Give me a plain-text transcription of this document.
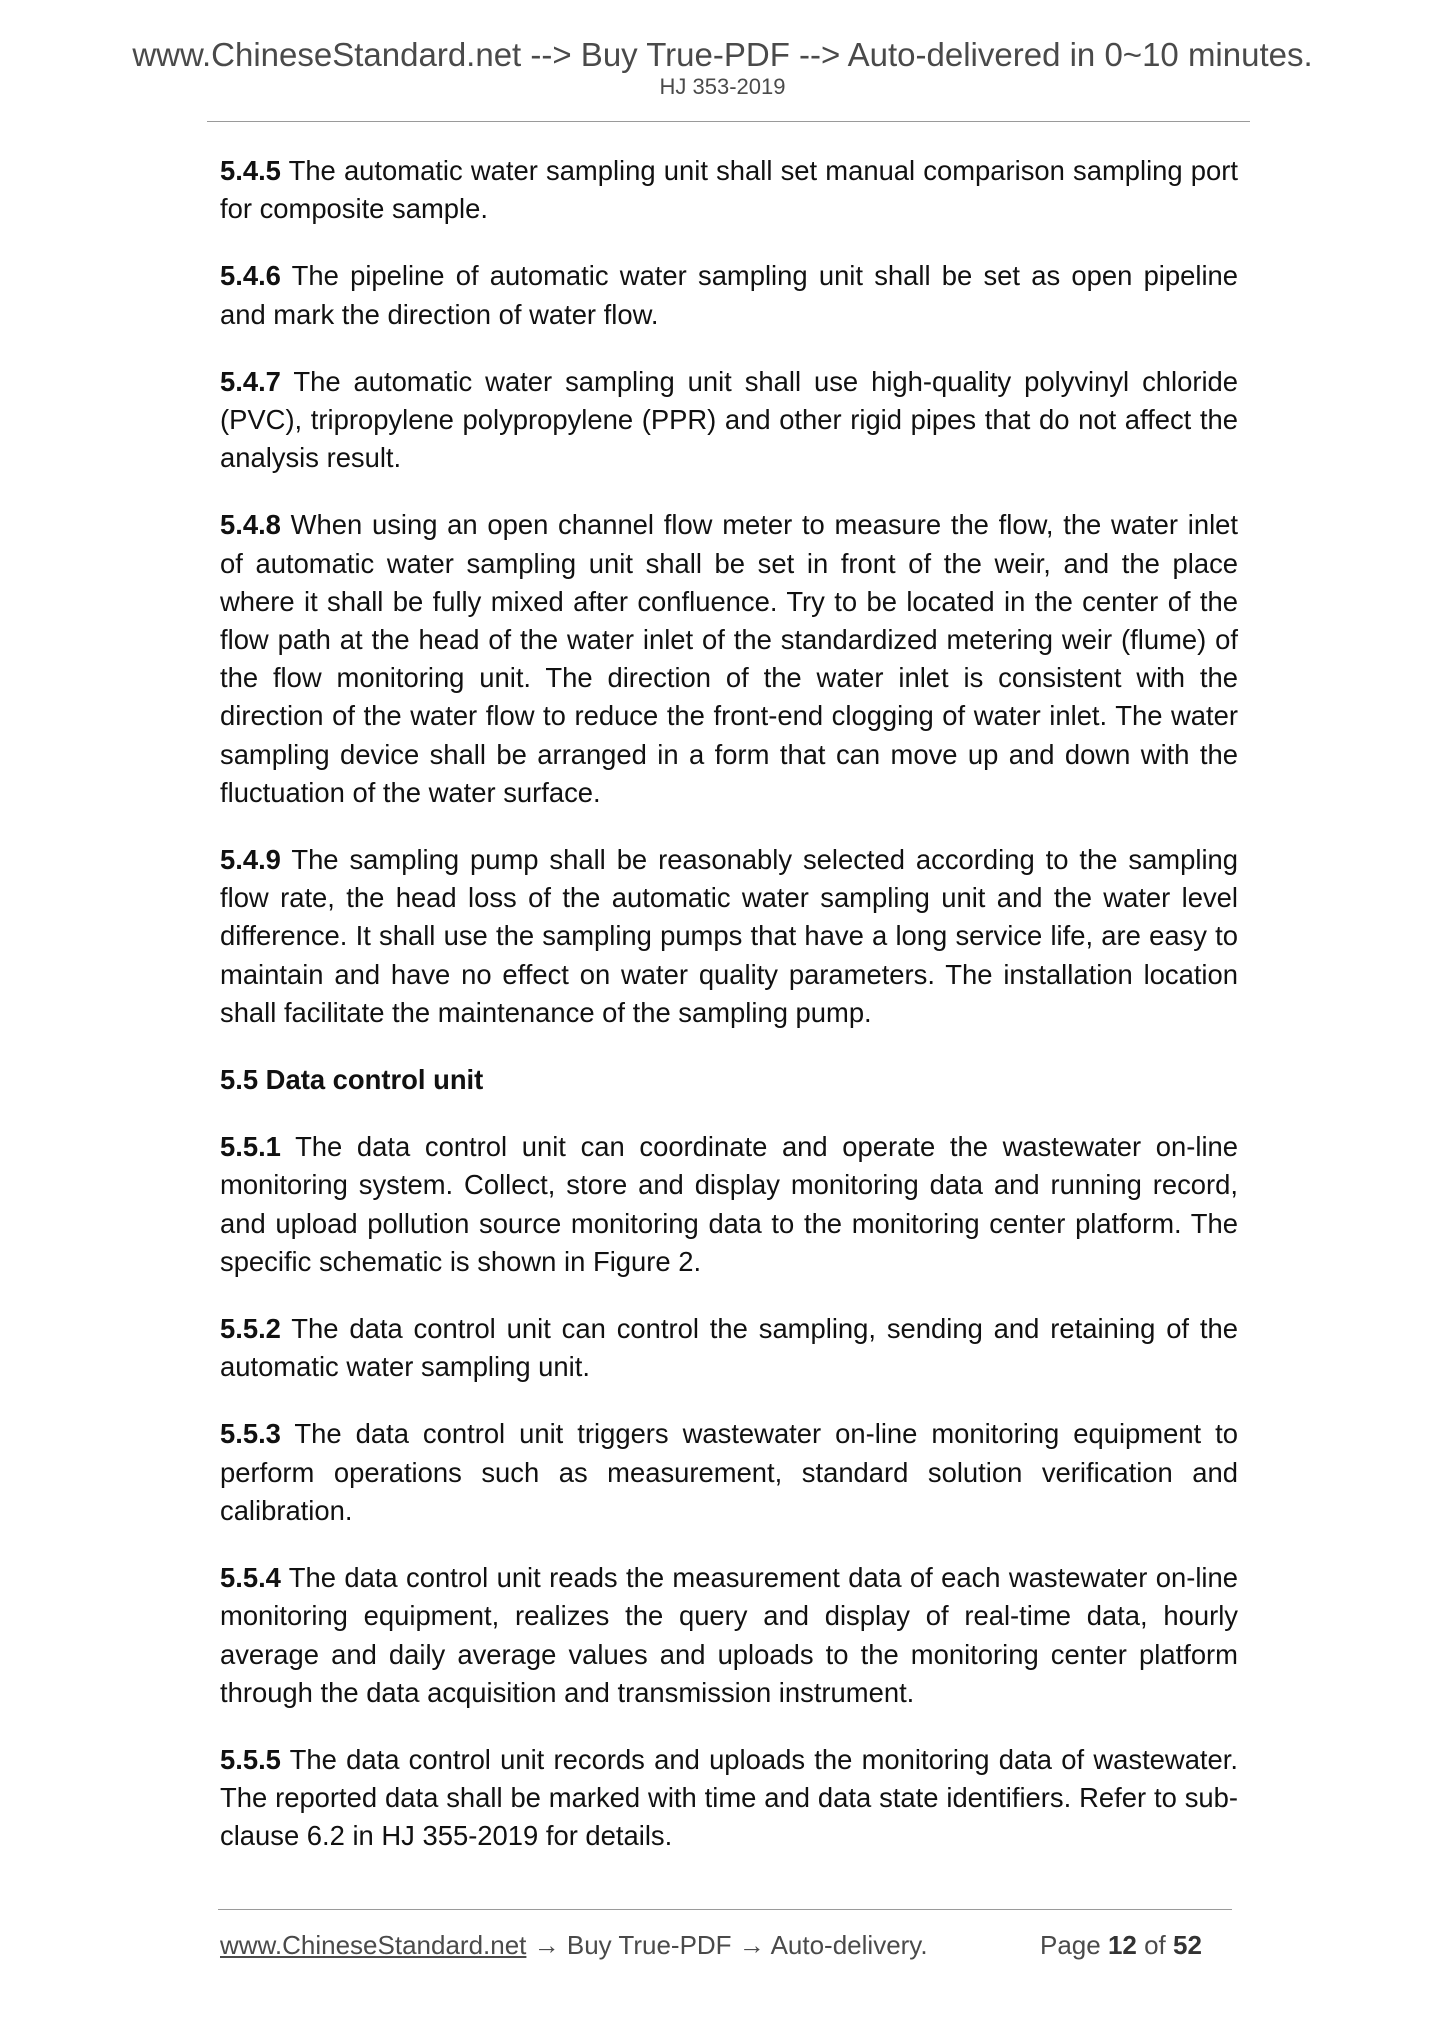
www.ChineseStandard.net --> Buy True-PDF --> Auto-delivered in 0~10 minutes.
HJ 353-2019

5.4.5 The automatic water sampling unit shall set manual comparison sampling port for composite sample.

5.4.6 The pipeline of automatic water sampling unit shall be set as open pipeline and mark the direction of water flow.

5.4.7 The automatic water sampling unit shall use high-quality polyvinyl chloride (PVC), tripropylene polypropylene (PPR) and other rigid pipes that do not affect the analysis result.

5.4.8 When using an open channel flow meter to measure the flow, the water inlet of automatic water sampling unit shall be set in front of the weir, and the place where it shall be fully mixed after confluence. Try to be located in the center of the flow path at the head of the water inlet of the standardized metering weir (flume) of the flow monitoring unit. The direction of the water inlet is consistent with the direction of the water flow to reduce the front-end clogging of water inlet. The water sampling device shall be arranged in a form that can move up and down with the fluctuation of the water surface.

5.4.9 The sampling pump shall be reasonably selected according to the sampling flow rate, the head loss of the automatic water sampling unit and the water level difference. It shall use the sampling pumps that have a long service life, are easy to maintain and have no effect on water quality parameters. The installation location shall facilitate the maintenance of the sampling pump.

5.5 Data control unit

5.5.1 The data control unit can coordinate and operate the wastewater on-line monitoring system. Collect, store and display monitoring data and running record, and upload pollution source monitoring data to the monitoring center platform. The specific schematic is shown in Figure 2.

5.5.2 The data control unit can control the sampling, sending and retaining of the automatic water sampling unit.

5.5.3 The data control unit triggers wastewater on-line monitoring equipment to perform operations such as measurement, standard solution verification and calibration.

5.5.4 The data control unit reads the measurement data of each wastewater on-line monitoring equipment, realizes the query and display of real-time data, hourly average and daily average values and uploads to the monitoring center platform through the data acquisition and transmission instrument.

5.5.5 The data control unit records and uploads the monitoring data of wastewater. The reported data shall be marked with time and data state identifiers. Refer to sub-clause 6.2 in HJ 355-2019 for details.

www.ChineseStandard.net → Buy True-PDF → Auto-delivery.	Page 12 of 52
